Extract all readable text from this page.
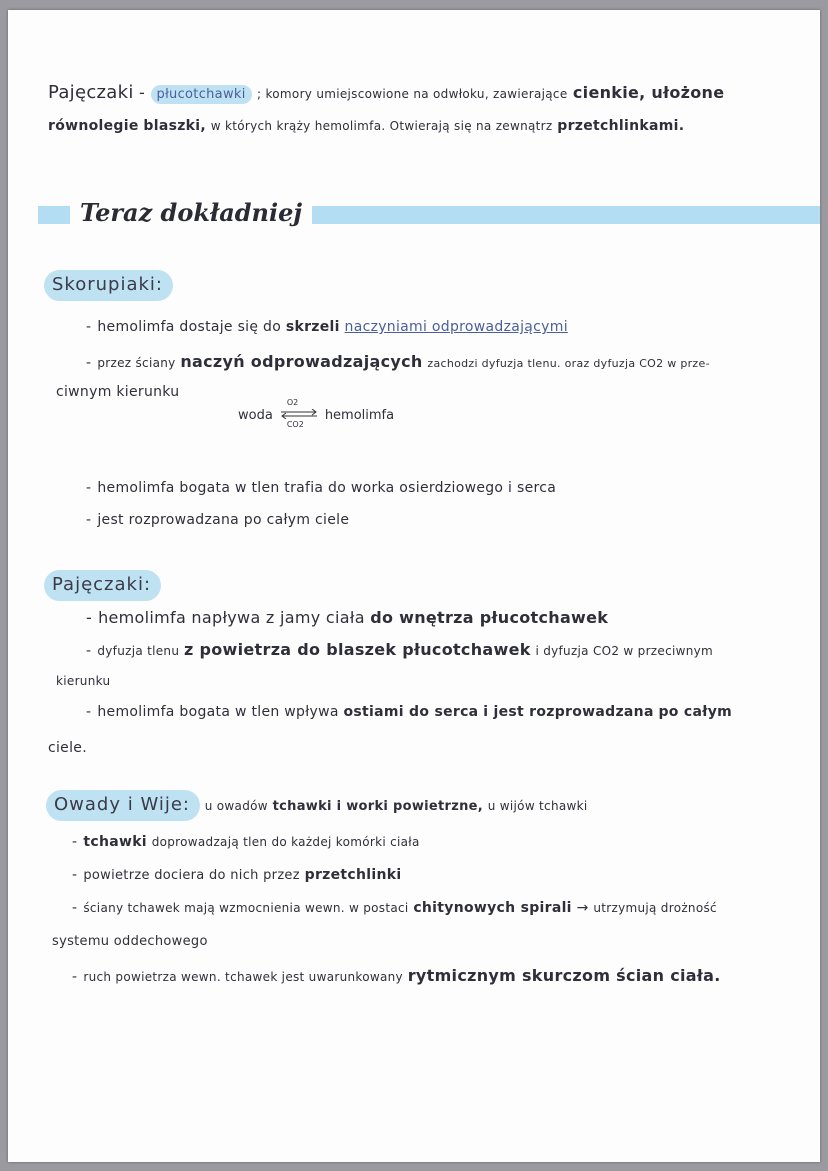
Pajęczaki - płucotchawki ; komory umiejscowione na odwłoku, zawierające cienkie, ułożone
równolegie blaszki, w których krąży hemolimfa. Otwierają się na zewnątrz przetchlinkami.
Teraz dokładniej
Skorupiaki:
- hemolimfa dostaje się do skrzeli naczyniami odprowadzającymi
- przez ściany naczyń odprowadzających zachodzi dyfuzja tlenu. oraz dyfuzja CO2 w prze-
ciwnym kierunku
woda
O2
CO2
hemolimfa
- hemolimfa bogata w tlen trafia do worka osierdziowego i serca
- jest rozprowadzana po całym ciele
Pajęczaki:
- hemolimfa napływa z jamy ciała do wnętrza płucotchawek
- dyfuzja tlenu z powietrza do blaszek płucotchawek i dyfuzja CO2 w przeciwnym
kierunku
- hemolimfa bogata w tlen wpływa ostiami do serca i jest rozprowadzana po całym
ciele.
Owady i Wije: u owadów tchawki i worki powietrzne, u wijów tchawki
- tchawki doprowadzają tlen do każdej komórki ciała
- powietrze dociera do nich przez przetchlinki
- ściany tchawek mają wzmocnienia wewn. w postaci chitynowych spirali → utrzymują drożność
systemu oddechowego
- ruch powietrza wewn. tchawek jest uwarunkowany rytmicznym skurczom ścian ciała.
